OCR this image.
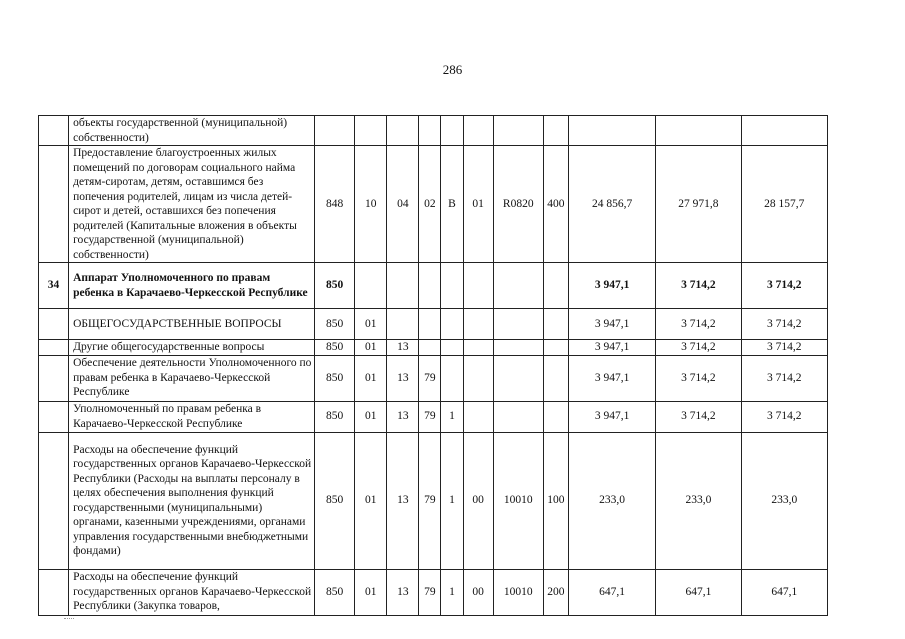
286
	объекты государственной (муниципальной) собственности)											
	Предоставление благоустроенных жилых помещений по договорам социального найма детям-сиротам, детям, оставшимся без попечения родителей, лицам из числа детей-сирот и детей, оставшихся без попечения родителей (Капитальные вложения в объекты государственной (муниципальной) собственности)	848	10	04	02	В	01	R0820	400	24 856,7	27 971,8	28 157,7
34	Аппарат Уполномоченного по правам ребенка в Карачаево-Черкесской Республике	850								3 947,1	3 714,2	3 714,2
	ОБЩЕГОСУДАРСТВЕННЫЕ ВОПРОСЫ	850	01							3 947,1	3 714,2	3 714,2
	Другие общегосударственные вопросы	850	01	13						3 947,1	3 714,2	3 714,2
	Обеспечение деятельности Уполномоченного по правам ребенка в Карачаево-Черкесской Республике	850	01	13	79					3 947,1	3 714,2	3 714,2
	Уполномоченный по правам ребенка в Карачаево-Черкесской Республике	850	01	13	79	1				3 947,1	3 714,2	3 714,2
	Расходы на обеспечение функций государственных органов Карачаево-Черкесской Республики (Расходы на выплаты персоналу в целях обеспечения выполнения функций государственными (муниципальными) органами, казенными учреждениями, органами управления государственными внебюджетными фондами)	850	01	13	79	1	00	10010	100	233,0	233,0	233,0
	Расходы на обеспечение функций государственных органов Карачаево-Черкесской Республики (Закупка товаров,	850	01	13	79	1	00	10010	200	647,1	647,1	647,1
